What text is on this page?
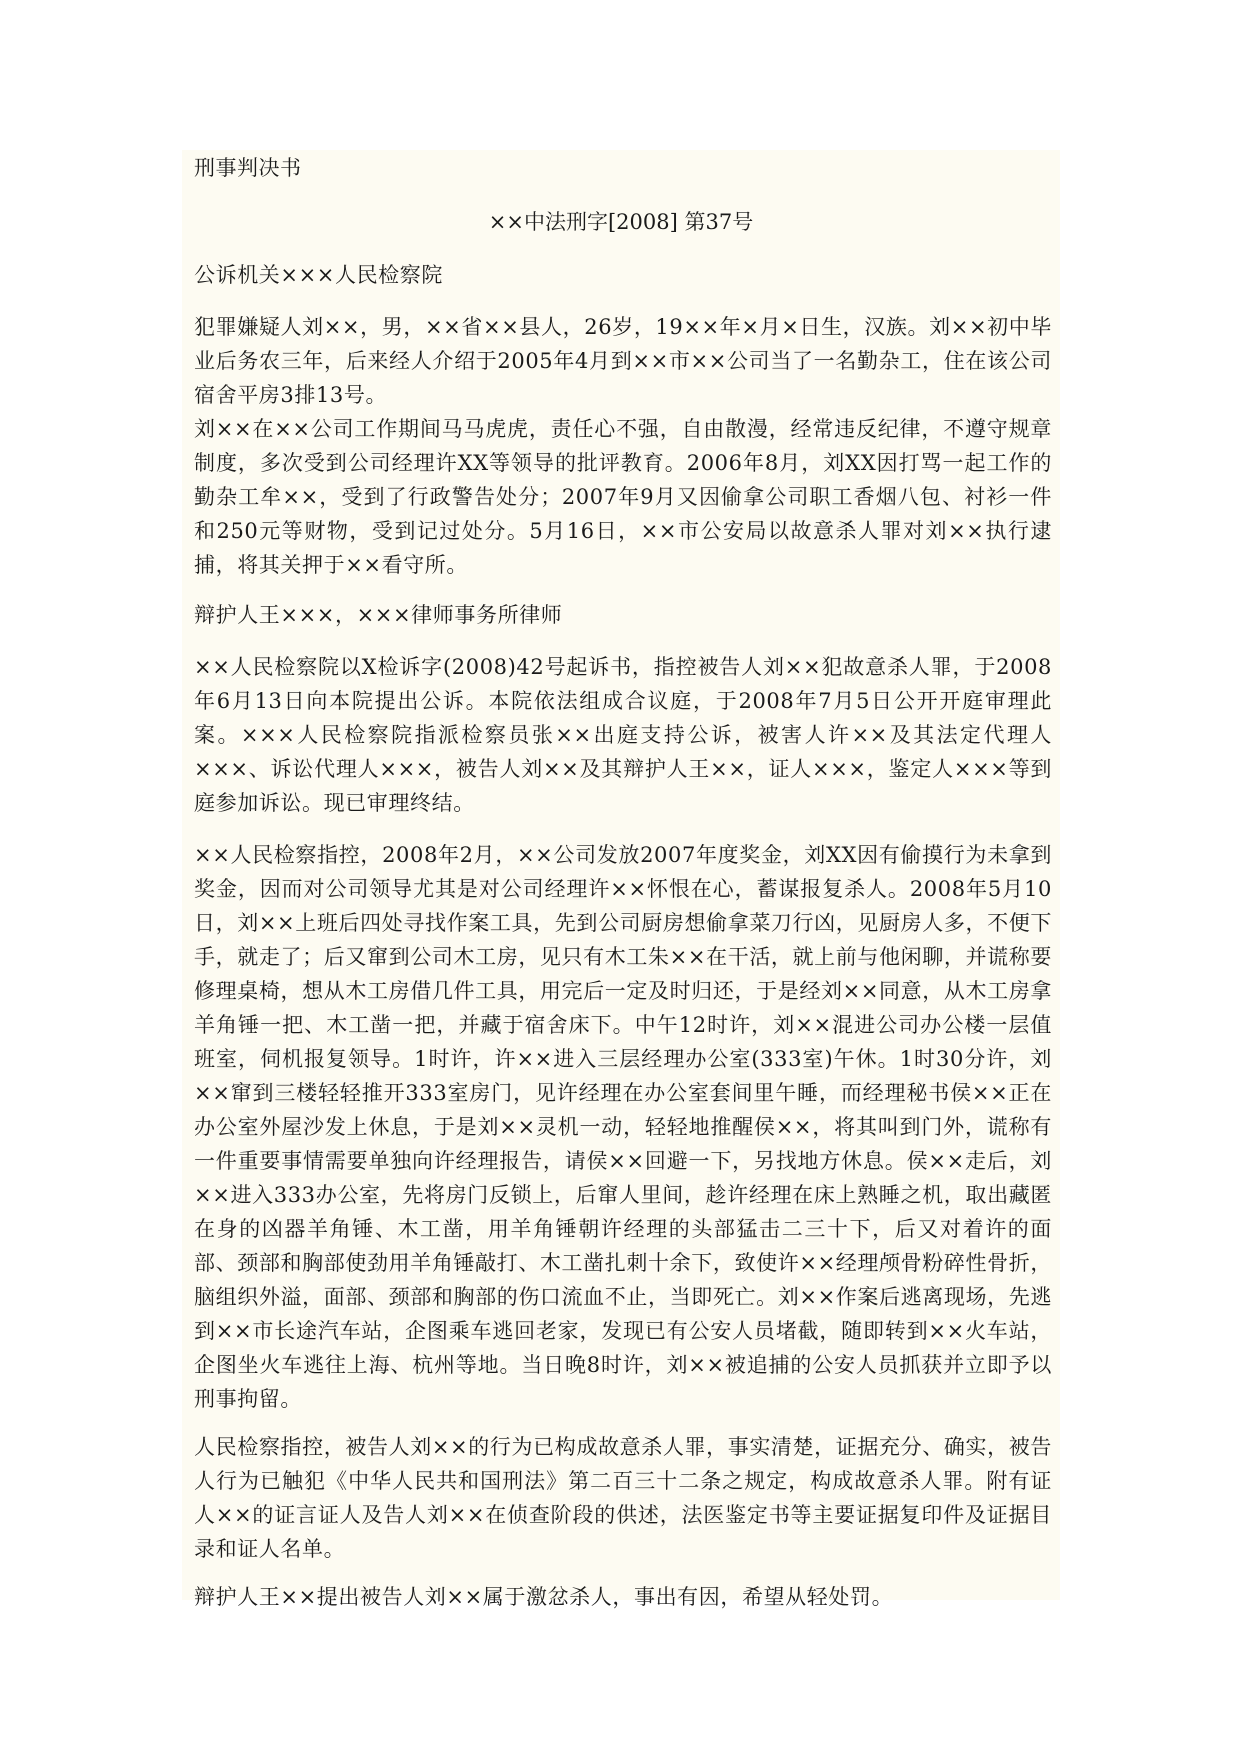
刑事判决书
××中法刑字[2008] 第37号

公诉机关×××人民检察院

犯罪嫌疑人刘××，男，××省××县人，26岁，19××年×月×日生，汉族。刘××初中毕业后务农三年，后来经人介绍于2005年4月到××市××公司当了一名勤杂工，住在该公司宿舍平房3排13号。

刘××在××公司工作期间马马虎虎，责任心不强，自由散漫，经常违反纪律，不遵守规章制度，多次受到公司经理许XX等领导的批评教育。2006年8月，刘XX因打骂一起工作的勤杂工牟××，受到了行政警告处分；2007年9月又因偷拿公司职工香烟八包、衬衫一件和250元等财物，受到记过处分。5月16日，××市公安局以故意杀人罪对刘××执行逮捕，将其关押于××看守所。

辩护人王×××，×××律师事务所律师

××人民检察院以X检诉字(2008)42号起诉书，指控被告人刘××犯故意杀人罪，于2008年6月13日向本院提出公诉。本院依法组成合议庭，于2008年7月5日公开开庭审理此案。×××人民检察院指派检察员张××出庭支持公诉，被害人许××及其法定代理人×××、诉讼代理人×××，被告人刘××及其辩护人王××，证人×××，鉴定人×××等到庭参加诉讼。现已审理终结。

××人民检察指控，2008年2月，××公司发放2007年度奖金，刘XX因有偷摸行为未拿到奖金，因而对公司领导尤其是对公司经理许××怀恨在心，蓄谋报复杀人。2008年5月10日，刘××上班后四处寻找作案工具，先到公司厨房想偷拿菜刀行凶，见厨房人多，不便下手，就走了；后又窜到公司木工房，见只有木工朱××在干活，就上前与他闲聊，并谎称要修理桌椅，想从木工房借几件工具，用完后一定及时归还，于是经刘××同意，从木工房拿羊角锤一把、木工凿一把，并藏于宿舍床下。中午12时许，刘××混进公司办公楼一层值班室，伺机报复领导。1时许，许××进入三层经理办公室(333室)午休。1时30分许，刘××窜到三楼轻轻推开333室房门，见许经理在办公室套间里午睡，而经理秘书侯××正在办公室外屋沙发上休息，于是刘××灵机一动，轻轻地推醒侯××，将其叫到门外，谎称有一件重要事情需要单独向许经理报告，请侯××回避一下，另找地方休息。侯××走后，刘××进入333办公室，先将房门反锁上，后窜人里间，趁许经理在床上熟睡之机，取出藏匿在身的凶器羊角锤、木工凿，用羊角锤朝许经理的头部猛击二三十下，后又对着许的面部、颈部和胸部使劲用羊角锤敲打、木工凿扎刺十余下，致使许××经理颅骨粉碎性骨折，脑组织外溢，面部、颈部和胸部的伤口流血不止，当即死亡。刘××作案后逃离现场，先逃到××市长途汽车站，企图乘车逃回老家，发现已有公安人员堵截，随即转到××火车站，企图坐火车逃往上海、杭州等地。当日晚8时许，刘××被追捕的公安人员抓获并立即予以刑事拘留。

人民检察指控，被告人刘××的行为已构成故意杀人罪，事实清楚，证据充分、确实，被告人行为已触犯《中华人民共和国刑法》第二百三十二条之规定，构成故意杀人罪。附有证人××的证言证人及告人刘××在侦查阶段的供述，法医鉴定书等主要证据复印件及证据目录和证人名单。

辩护人王××提出被告人刘××属于激忿杀人，事出有因，希望从轻处罚。
